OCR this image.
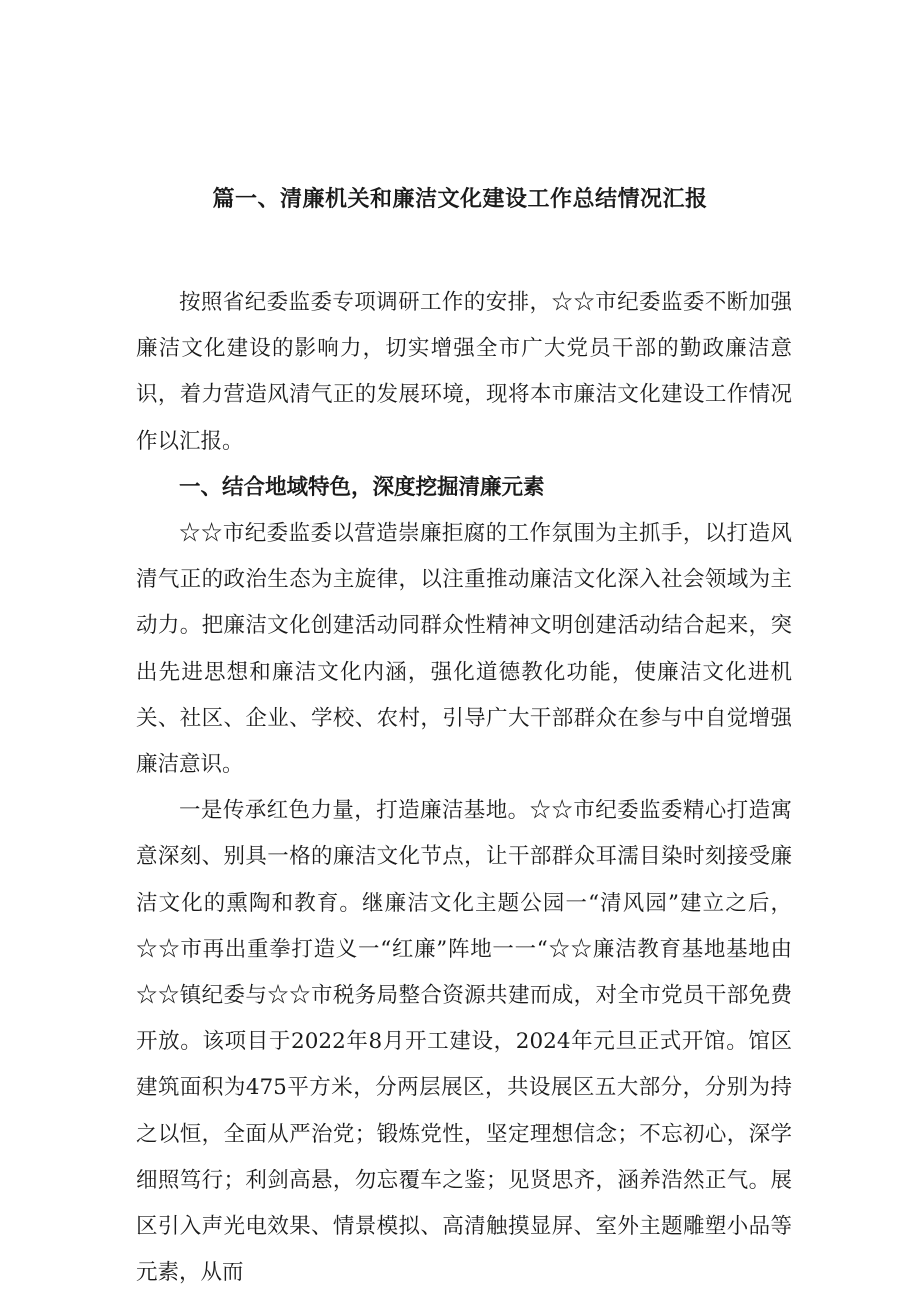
篇一、清廉机关和廉洁文化建设工作总结情况汇报

按照省纪委监委专项调研工作的安排，☆☆市纪委监委不断加强廉洁文化建设的影响力，切实增强全市广大党员干部的勤政廉洁意识，着力营造风清气正的发展环境，现将本市廉洁文化建设工作情况作以汇报。

一、结合地域特色，深度挖掘清廉元素

☆☆市纪委监委以营造崇廉拒腐的工作氛围为主抓手，以打造风清气正的政治生态为主旋律，以注重推动廉洁文化深入社会领域为主动力。把廉洁文化创建活动同群众性精神文明创建活动结合起来，突出先进思想和廉洁文化内涵，强化道德教化功能，使廉洁文化进机关、社区、企业、学校、农村，引导广大干部群众在参与中自觉增强廉洁意识。

一是传承红色力量，打造廉洁基地。☆☆市纪委监委精心打造寓意深刻、别具一格的廉洁文化节点，让干部群众耳濡目染时刻接受廉洁文化的熏陶和教育。继廉洁文化主题公园一“清风园”建立之后，☆☆市再出重拳打造义一“红廉”阵地一一“☆☆廉洁教育基地基地由☆☆镇纪委与☆☆市税务局整合资源共建而成，对全市党员干部免费开放。该项目于2022年8月开工建设，2024年元旦正式开馆。馆区建筑面积为475平方米，分两层展区，共设展区五大部分，分别为持之以恒，全面从严治党；锻炼党性，坚定理想信念；不忘初心，深学细照笃行；利剑高悬，勿忘覆车之鉴；见贤思齐，涵养浩然正气。展区引入声光电效果、情景模拟、高清触摸显屏、室外主题雕塑小品等元素，从而
